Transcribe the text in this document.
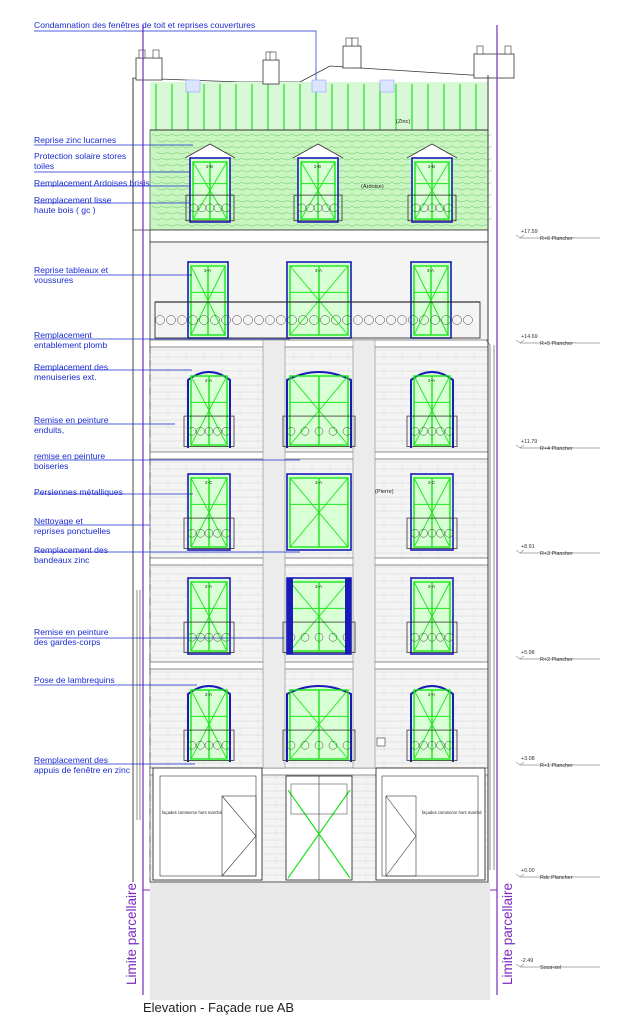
2-B	2-B	2-B
3-A	3-A	3-A
2-A	2-A
2-C	3-A	2-C
2-A	3-A	2-A
2-A	2-A
Condamnation des fenêtres de toit et reprises couvertures
Reprise zinc lucarnes
Protection solaire stores toiles
Remplacement Ardoises brisis
Remplacement lisse haute bois ( gc )
Reprise tableaux et voussures
Remplacement entablement plomb
Remplacement des menuiseries ext.
Remise en peinture enduits,
remise en peinture boiseries
Persiennes métalliques
Nettoyage et reprises ponctuelles
Remplacement des bandeaux zinc
Remise en peinture des gardes-corps
Pose de lambrequins
Remplacement des appuis de fenêtre en zinc
+17.59
R+6 Plancher
+14.69
R+5 Plancher
+11.79
R+4 Plancher
+8.91
R+3 Plancher
+5.98
R+2 Plancher
+3.08
R+1 Plancher
+0.00
Rdc Plancher
-2.49
Sous-sol
(Zinc)
(Ardoise)
(Pierre)
façades commerce hors marché	façades commerce hors marché
Limite parcellaire	Limite parcellaire
Elevation - Façade rue AB
